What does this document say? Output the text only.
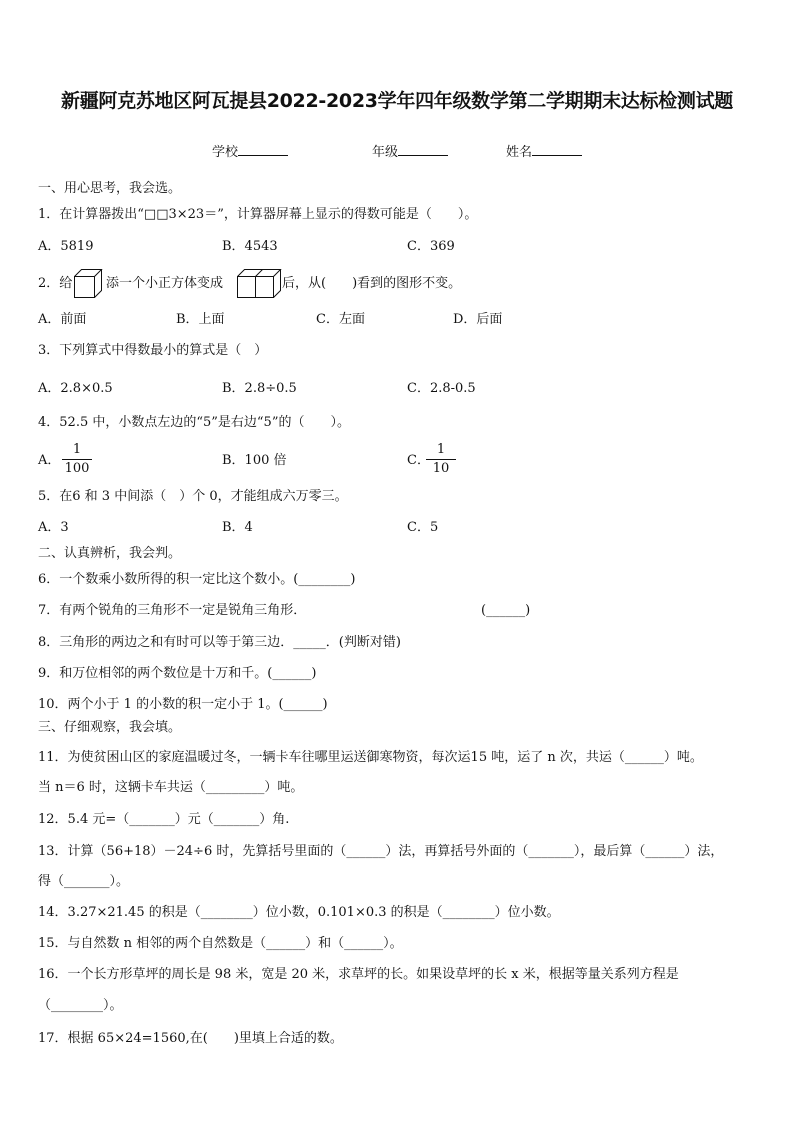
新疆阿克苏地区阿瓦提县2022-2023学年四年级数学第二学期期末达标检测试题
学校	年级	姓名
一、用心思考，我会选。
1．在计算器拨出“□□3×23＝”，计算器屏幕上显示的得数可能是（　　）。
A．5819	B．4543	C．369
2．给	添一个小正方体变成	后，从(　　)看到的图形不变。
A．前面	B．上面	C．左面	D．后面
3．下列算式中得数最小的算式是（　）
A．2.8×0.5	B．2.8÷0.5	C．2.8-0.5
4．52.5 中，小数点左边的“5”是右边“5”的（　　）。
A．
1
100
B．100 倍	C．
1
10
5．在6 和 3 中间添（　）个 0，才能组成六万零三。
A．3	B．4	C．5
二、认真辨析，我会判。
6．一个数乘小数所得的积一定比这个数小。(________)
7．有两个锐角的三角形不一定是锐角三角形．	(______)
8．三角形的两边之和有时可以等于第三边．_____．(判断对错)
9．和万位相邻的两个数位是十万和千。(______)
10．两个小于 1 的小数的积一定小于 1。(______)
三、仔细观察，我会填。
11．为使贫困山区的家庭温暖过冬，一辆卡车往哪里运送御寒物资，每次运15 吨，运了 n 次，共运（______）吨。
当 n＝6 时，这辆卡车共运（_________）吨。
12．5.4 元=（_______）元（_______）角.
13．计算（56+18）－24÷6 时，先算括号里面的（______）法，再算括号外面的（_______），最后算（______）法，
得（_______）。
14．3.27×21.45 的积是（________）位小数，0.101×0.3 的积是（________）位小数。
15．与自然数 n 相邻的两个自然数是（______）和（______）。
16．一个长方形草坪的周长是 98 米，宽是 20 米，求草坪的长。如果设草坪的长 x 米，根据等量关系列方程是
（________）。
17．根据 65×24=1560,在(　　)里填上合适的数。
